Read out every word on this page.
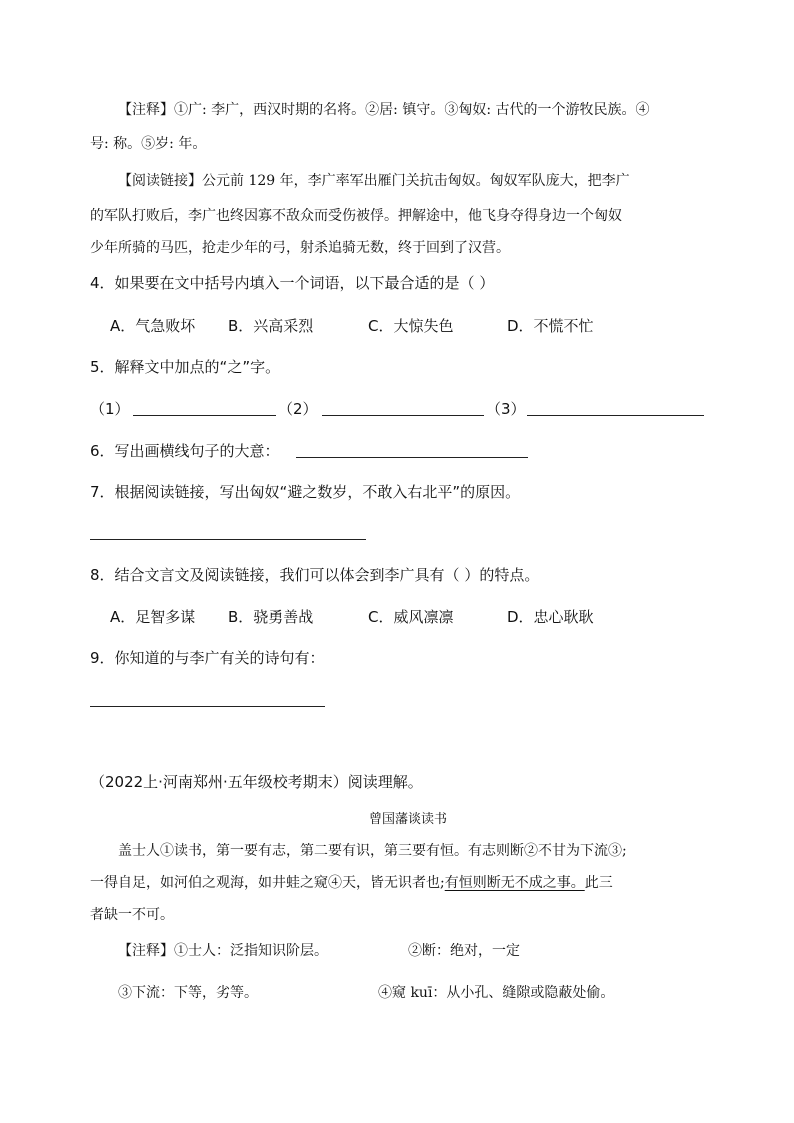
【注释】①广: 李广，西汉时期的名将。②居: 镇守。③匈奴: 古代的一个游牧民族。④
号: 称。⑤岁: 年。
【阅读链接】公元前 129 年，李广率军出雁门关抗击匈奴。匈奴军队庞大，把李广
的军队打败后，李广也终因寡不敌众而受伤被俘。押解途中，他飞身夺得身边一个匈奴
少年所骑的马匹，抢走少年的弓，射杀追骑无数，终于回到了汉营。
4．如果要在文中括号内填入一个词语，以下最合适的是（ ）
A．气急败坏 B．兴高采烈	C．大惊失色	D．不慌不忙
5．解释文中加点的“之”字。
（1）	（2）	（3）
6．写出画横线句子的大意：
7．根据阅读链接，写出匈奴“避之数岁，不敢入右北平”的原因。
8．结合文言文及阅读链接，我们可以体会到李广具有（ ）的特点。
A．足智多谋 B．骁勇善战	C．威风凛凛	D．忠心耿耿
9．你知道的与李广有关的诗句有：
（2022上·河南郑州·五年级校考期末）阅读理解。
曾国藩谈读书
盖士人①读书，第一要有志，第二要有识，第三要有恒。有志则断②不甘为下流③;
一得自足，如河伯之观海，如井蛙之窥④天，皆无识者也;有恒则断无不成之事。此三
者缺一不可。
【注释】①士人：泛指知识阶层。	②断：绝对，一定
③下流：下等，劣等。	④窥 kuī：从小孔、缝隙或隐蔽处偷。
